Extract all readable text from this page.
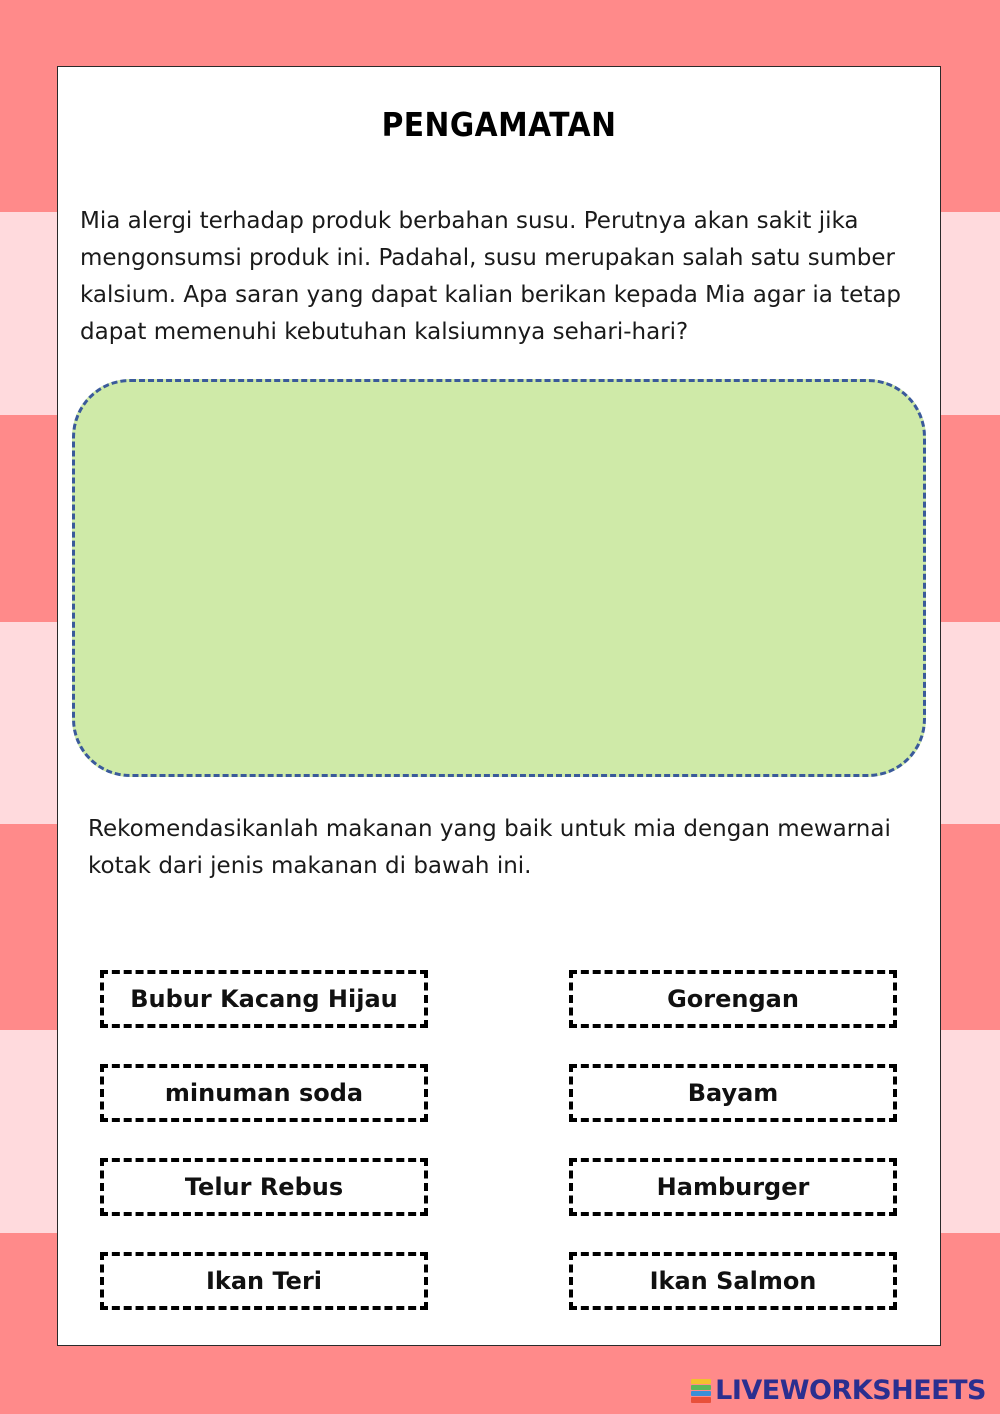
PENGAMATAN

Mia alergi terhadap produk berbahan susu. Perutnya akan sakit jika mengonsumsi produk ini. Padahal, susu merupakan salah satu sumber kalsium. Apa saran yang dapat kalian berikan kepada Mia agar ia tetap dapat memenuhi kebutuhan kalsiumnya sehari-hari?

Rekomendasikanlah makanan yang baik untuk mia dengan mewarnai kotak dari jenis makanan di bawah ini.

Bubur Kacang Hijau	Gorengan
minuman soda	Bayam
Telur Rebus	Hamburger
Ikan Teri	Ikan Salmon
LIVEWORKSHEETS
